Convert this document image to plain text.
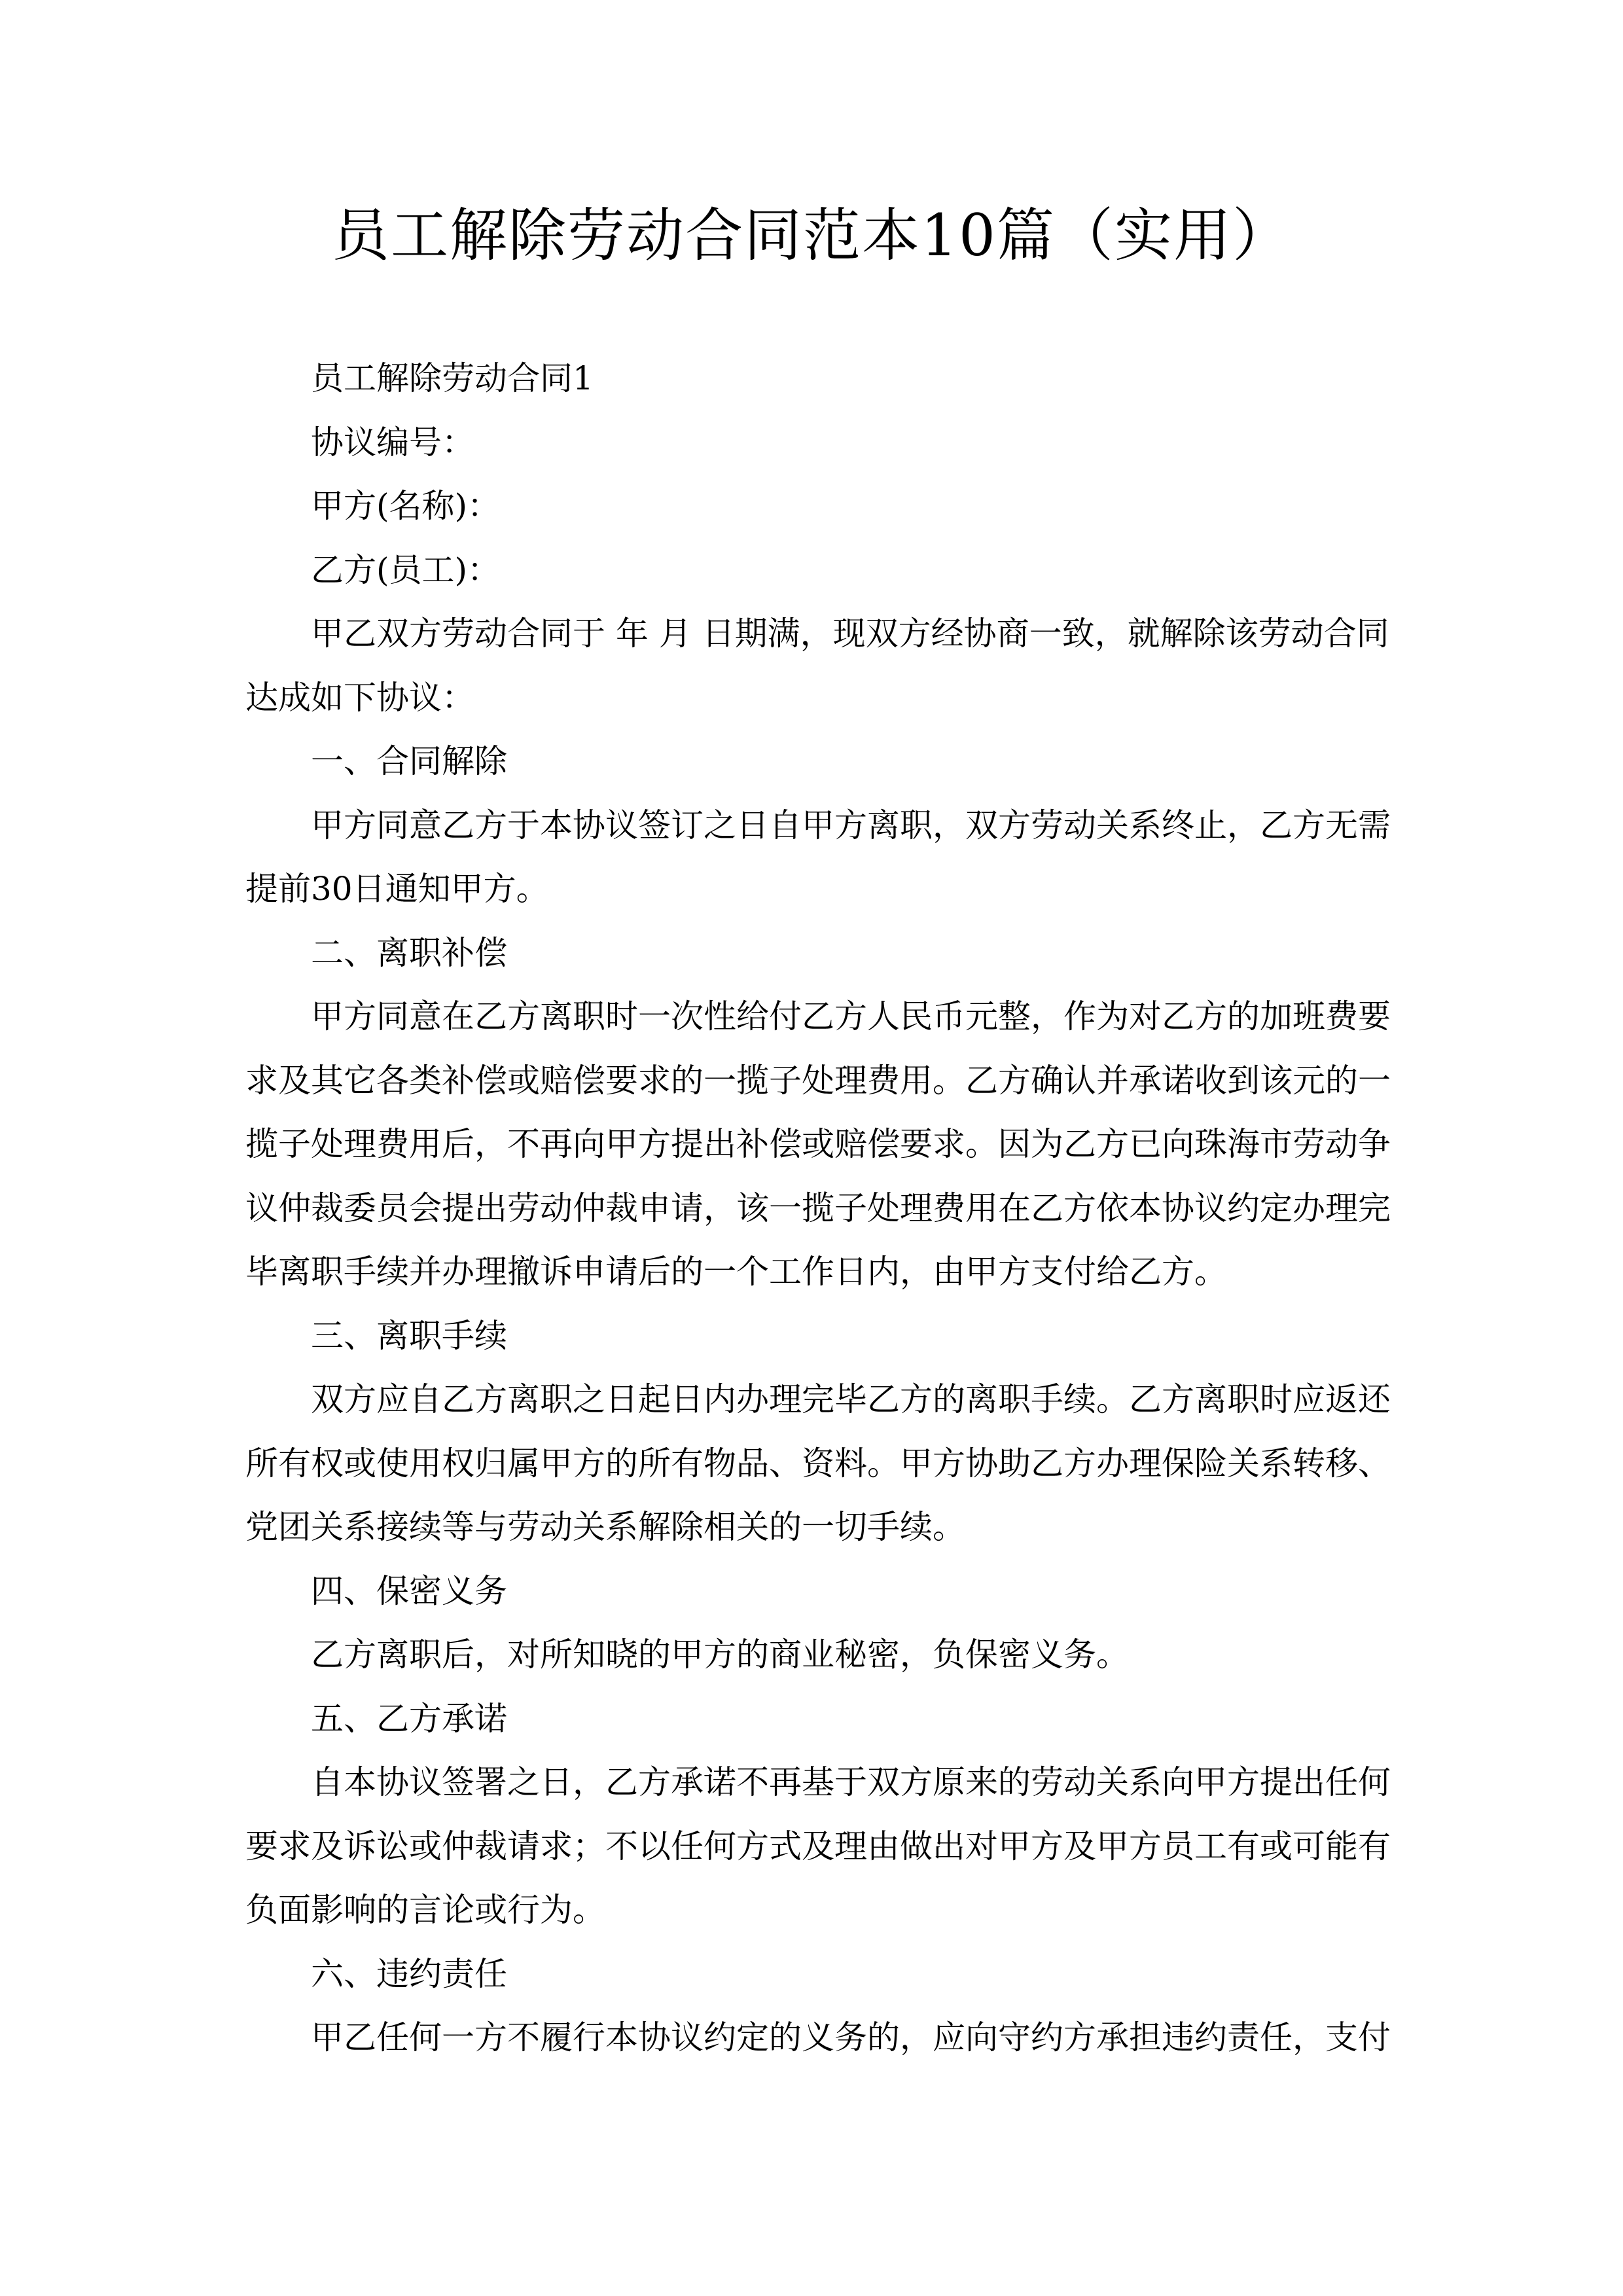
员工解除劳动合同范本10篇（实用）
员工解除劳动合同1
协议编号：
甲方(名称)：
乙方(员工)：
甲乙双方劳动合同于 年 月 日期满，现双方经协商一致，就解除该劳动合同
达成如下协议：
一、合同解除
甲方同意乙方于本协议签订之日自甲方离职，双方劳动关系终止，乙方无需
提前30日通知甲方。
二、离职补偿
甲方同意在乙方离职时一次性给付乙方人民币元整，作为对乙方的加班费要
求及其它各类补偿或赔偿要求的一揽子处理费用。乙方确认并承诺收到该元的一
揽子处理费用后，不再向甲方提出补偿或赔偿要求。因为乙方已向珠海市劳动争
议仲裁委员会提出劳动仲裁申请，该一揽子处理费用在乙方依本协议约定办理完
毕离职手续并办理撤诉申请后的一个工作日内，由甲方支付给乙方。
三、离职手续
双方应自乙方离职之日起日内办理完毕乙方的离职手续。乙方离职时应返还
所有权或使用权归属甲方的所有物品、资料。甲方协助乙方办理保险关系转移、
党团关系接续等与劳动关系解除相关的一切手续。
四、保密义务
乙方离职后，对所知晓的甲方的商业秘密，负保密义务。
五、乙方承诺
自本协议签署之日，乙方承诺不再基于双方原来的劳动关系向甲方提出任何
要求及诉讼或仲裁请求；不以任何方式及理由做出对甲方及甲方员工有或可能有
负面影响的言论或行为。
六、违约责任
甲乙任何一方不履行本协议约定的义务的，应向守约方承担违约责任，支付
